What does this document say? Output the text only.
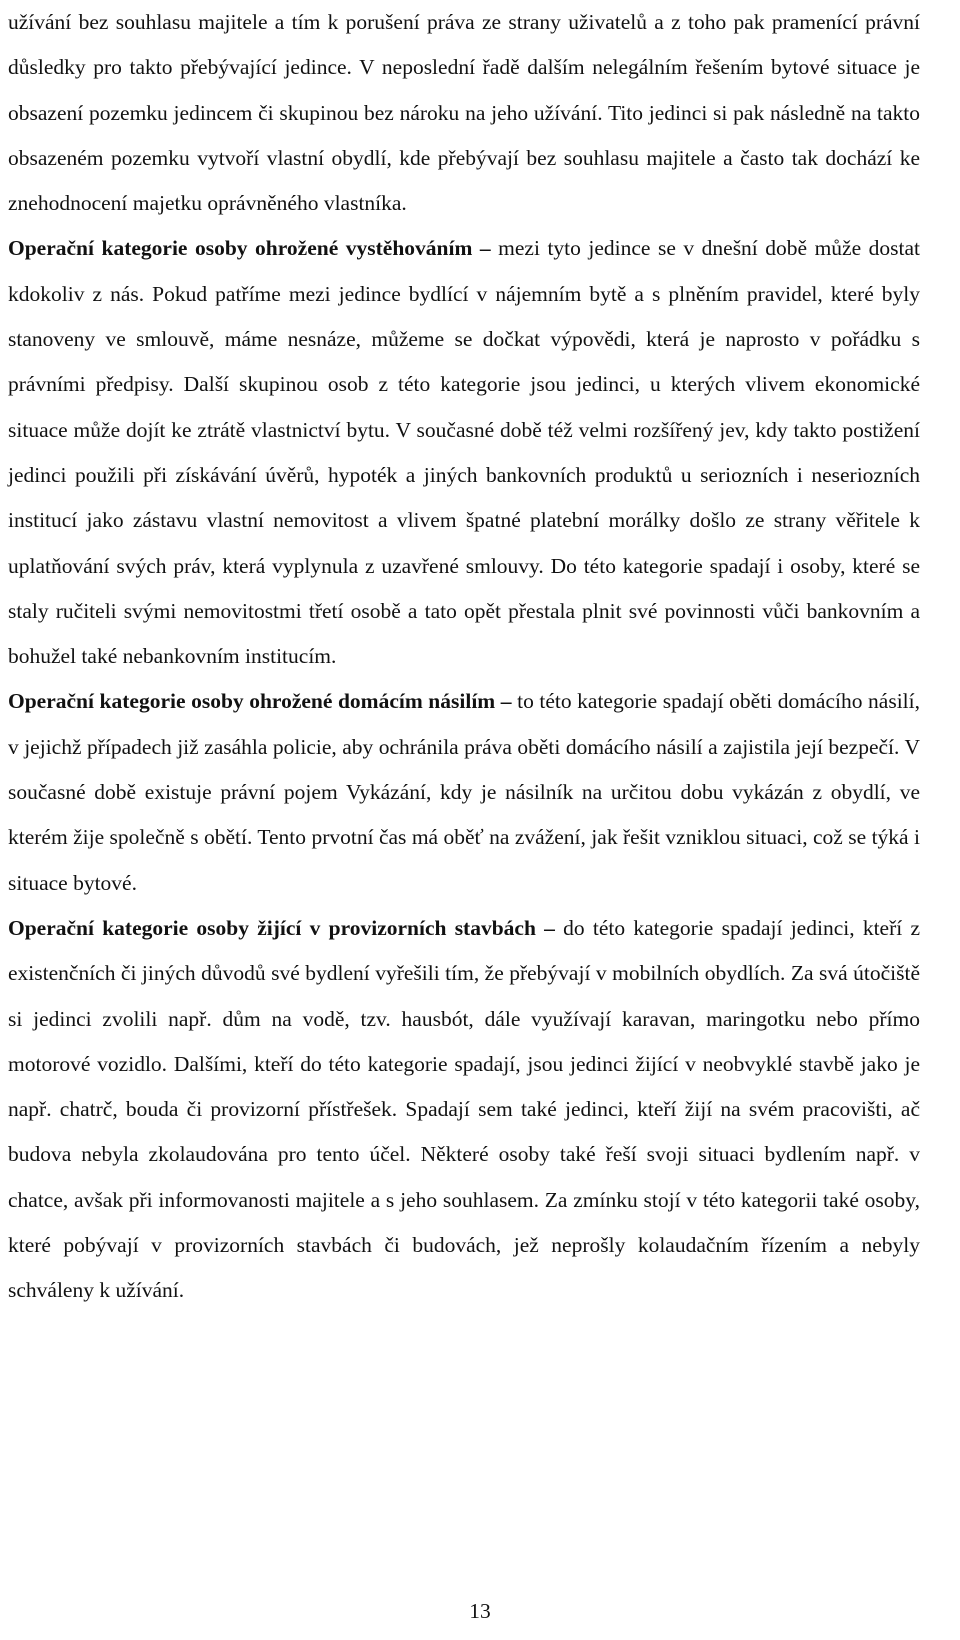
užívání bez souhlasu majitele a tím k porušení práva ze strany uživatelů a z toho pak pramenící právní důsledky pro takto přebývající jedince. V neposlední řadě dalším nelegálním řešením bytové situace je obsazení pozemku jedincem či skupinou bez nároku na jeho užívání. Tito jedinci si pak následně na takto obsazeném pozemku vytvoří vlastní obydlí, kde přebývají bez souhlasu majitele a často tak dochází ke znehodnocení majetku oprávněného vlastníka.

Operační kategorie osoby ohrožené vystěhováním – mezi tyto jedince se v dnešní době může dostat kdokoliv z nás. Pokud patříme mezi jedince bydlící v nájemním bytě a s plněním pravidel, které byly stanoveny ve smlouvě, máme nesnáze, můžeme se dočkat výpovědi, která je naprosto v pořádku s právními předpisy. Další skupinou osob z této kategorie jsou jedinci, u kterých vlivem ekonomické situace může dojít ke ztrátě vlastnictví bytu. V současné době též velmi rozšířený jev, kdy takto postižení jedinci použili při získávání úvěrů, hypoték a jiných bankovních produktů u seriozních i neseriozních institucí jako zástavu vlastní nemovitost a vlivem špatné platební morálky došlo ze strany věřitele k uplatňování svých práv, která vyplynula z uzavřené smlouvy. Do této kategorie spadají i osoby, které se staly ručiteli svými nemovitostmi třetí osobě a tato opět přestala plnit své povinnosti vůči bankovním a bohužel také nebankovním institucím.

Operační kategorie osoby ohrožené domácím násilím – to této kategorie spadají oběti domácího násilí, v jejichž případech již zasáhla policie, aby ochránila práva oběti domácího násilí a zajistila její bezpečí. V současné době existuje právní pojem Vykázání, kdy je násilník na určitou dobu vykázán z obydlí, ve kterém žije společně s obětí. Tento prvotní čas má oběť na zvážení, jak řešit vzniklou situaci, což se týká i situace bytové.

Operační kategorie osoby žijící v provizorních stavbách – do této kategorie spadají jedinci, kteří z existenčních či jiných důvodů své bydlení vyřešili tím, že přebývají v mobilních obydlích. Za svá útočiště si jedinci zvolili např. dům na vodě, tzv. hausbót, dále využívají karavan, maringotku nebo přímo motorové vozidlo. Dalšími, kteří do této kategorie spadají, jsou jedinci žijící v neobvyklé stavbě jako je např. chatrč, bouda či provizorní přístřešek. Spadají sem také jedinci, kteří žijí na svém pracovišti, ač budova nebyla zkolaudována pro tento účel. Některé osoby také řeší svoji situaci bydlením např. v chatce, avšak při informovanosti majitele a s jeho souhlasem. Za zmínku stojí v této kategorii také osoby, které pobývají v provizorních stavbách či budovách, jež neprošly kolaudačním řízením a nebyly schváleny k užívání.

13
